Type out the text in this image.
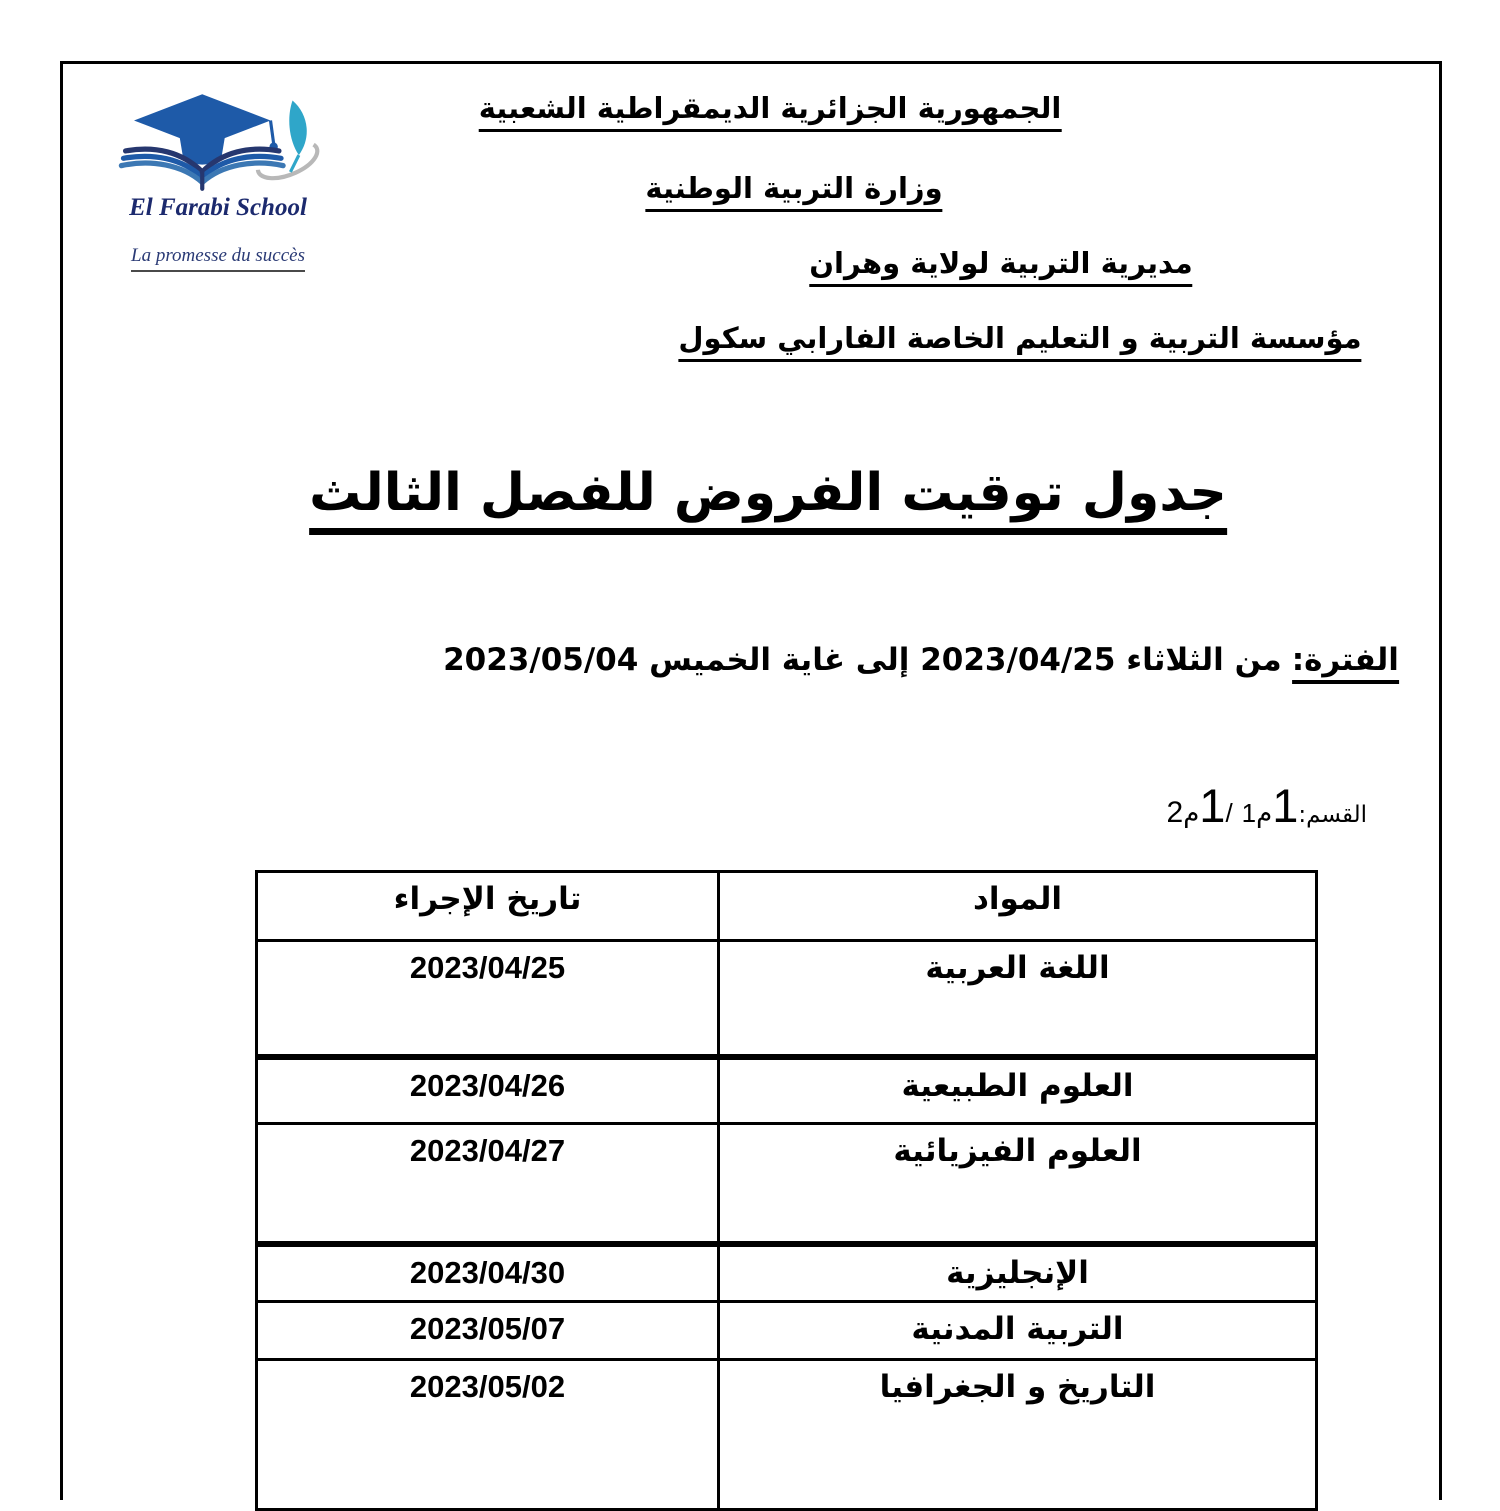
El Farabi School

La promesse du succès
الجمهورية الجزائرية الديمقراطية الشعبية
وزارة التربية الوطنية
مديرية التربية لولاية وهران
مؤسسة التربية و التعليم الخاصة الفارابي سكول
جدول توقيت الفروض للفصل الثالث
الفترة:من الثلاثاء 2023/04/25 إلى غاية الخميس 2023/05/04
القسم:
1
م
1
/
1
م
2
المواد	تاريخ الإجراء
اللغة العربية	2023/04/25
العلوم الطبيعية	2023/04/26
العلوم الفيزيائية	2023/04/27
الإنجليزية	2023/04/30
التربية المدنية	2023/05/07
التاريخ و الجغرافيا	2023/05/02
